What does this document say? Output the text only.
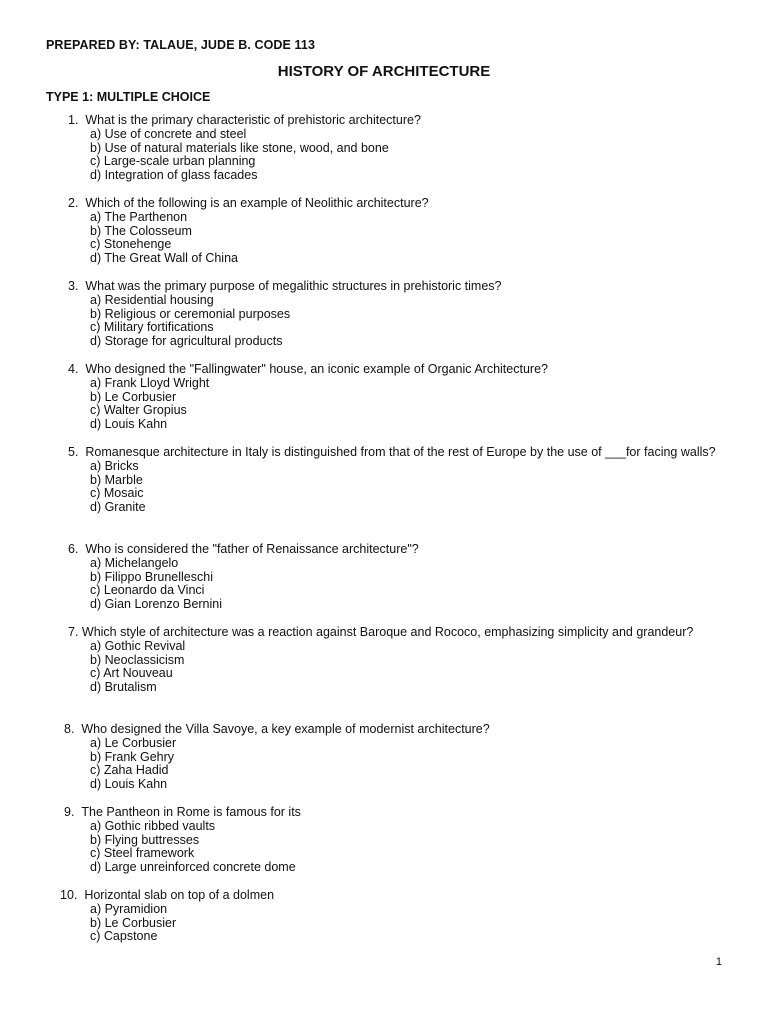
PREPARED BY: TALAUE, JUDE B. CODE 113
HISTORY OF ARCHITECTURE
TYPE 1: MULTIPLE CHOICE
1.  What is the primary characteristic of prehistoric architecture?
a) Use of concrete and steel
b) Use of natural materials like stone, wood, and bone
c) Large-scale urban planning
d) Integration of glass facades
2.  Which of the following is an example of Neolithic architecture?
a) The Parthenon
b) The Colosseum
c) Stonehenge
d) The Great Wall of China
3.  What was the primary purpose of megalithic structures in prehistoric times?
a) Residential housing
b) Religious or ceremonial purposes
c) Military fortifications
d) Storage for agricultural products
4.  Who designed the "Fallingwater" house, an iconic example of Organic Architecture?
a) Frank Lloyd Wright
b) Le Corbusier
c) Walter Gropius
d) Louis Kahn
5.  Romanesque architecture in Italy is distinguished from that of the rest of Europe by the use of ___for facing walls?
a) Bricks
b) Marble
c) Mosaic
d) Granite
6.  Who is considered the "father of Renaissance architecture"?
a) Michelangelo
b) Filippo Brunelleschi
c) Leonardo da Vinci
d) Gian Lorenzo Bernini
7. Which style of architecture was a reaction against Baroque and Rococo, emphasizing simplicity and grandeur?
a) Gothic Revival
b) Neoclassicism
c) Art Nouveau
d) Brutalism
8.  Who designed the Villa Savoye, a key example of modernist architecture?
a) Le Corbusier
b) Frank Gehry
c) Zaha Hadid
d) Louis Kahn
9.  The Pantheon in Rome is famous for its
a) Gothic ribbed vaults
b) Flying buttresses
c) Steel framework
d) Large unreinforced concrete dome
10.  Horizontal slab on top of a dolmen
a) Pyramidion
b) Le Corbusier
c) Capstone
1
